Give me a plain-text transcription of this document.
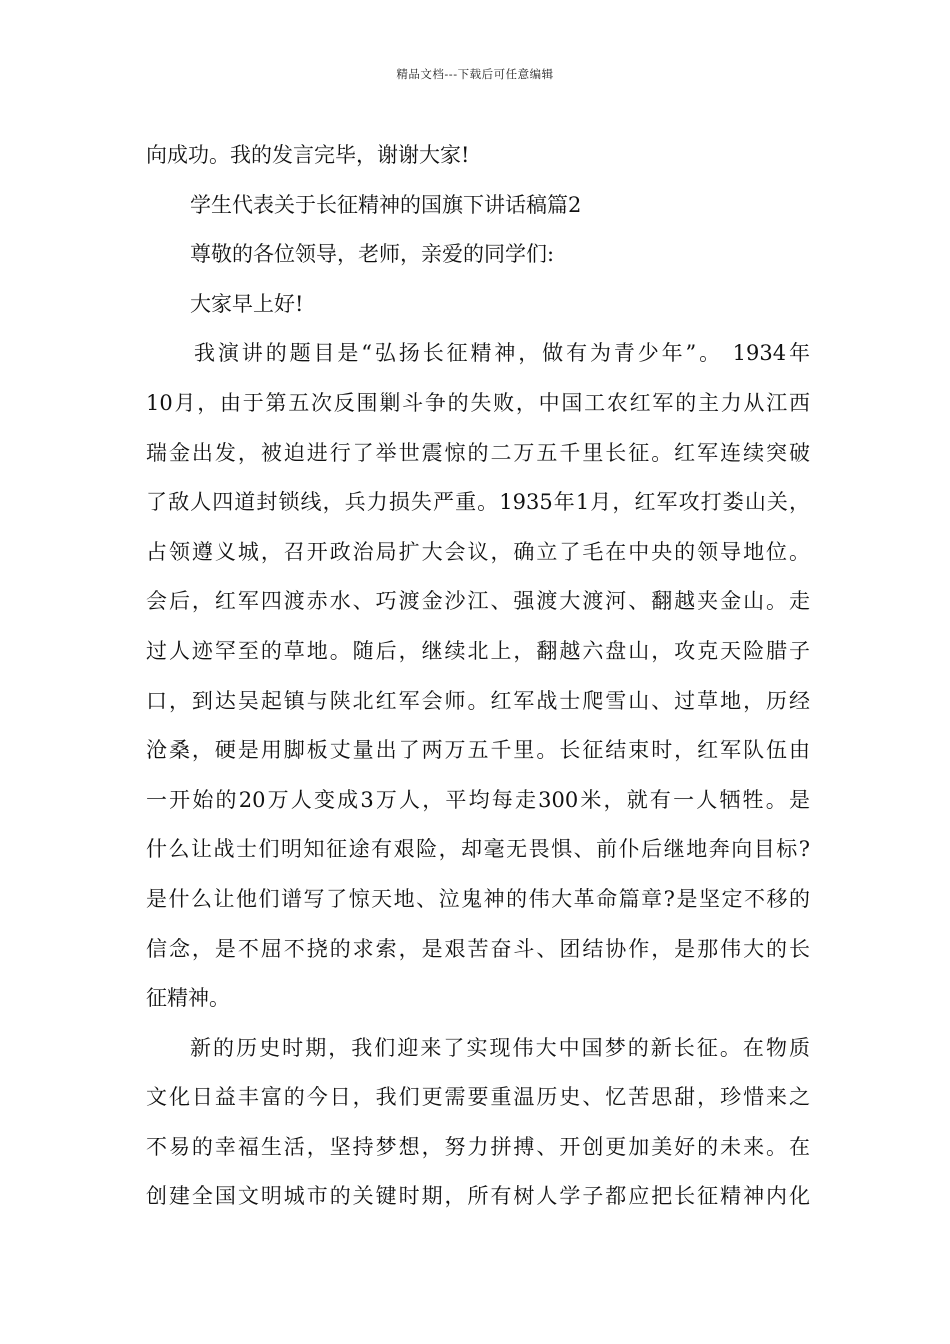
精品文档---下载后可任意编辑
向成功。我的发言完毕，谢谢大家!
学生代表关于长征精神的国旗下讲话稿篇2
尊敬的各位领导，老师，亲爱的同学们:
大家早上好!
我演讲的题目是“弘扬长征精神，做有为青少年”。 1934年
10月，由于第五次反围剿斗争的失败，中国工农红军的主力从江西
瑞金出发，被迫进行了举世震惊的二万五千里长征。红军连续突破
了敌人四道封锁线，兵力损失严重。1935年1月，红军攻打娄山关，
占领遵义城，召开政治局扩大会议，确立了毛在中央的领导地位。
会后，红军四渡赤水、巧渡金沙江、强渡大渡河、翻越夹金山。走
过人迹罕至的草地。随后，继续北上，翻越六盘山，攻克天险腊子
口，到达吴起镇与陕北红军会师。红军战士爬雪山、过草地，历经
沧桑，硬是用脚板丈量出了两万五千里。长征结束时，红军队伍由
一开始的20万人变成3万人，平均每走300米，就有一人牺牲。是
什么让战士们明知征途有艰险，却毫无畏惧、前仆后继地奔向目标?
是什么让他们谱写了惊天地、泣鬼神的伟大革命篇章?是坚定不移的
信念，是不屈不挠的求索，是艰苦奋斗、团结协作，是那伟大的长
征精神。
新的历史时期，我们迎来了实现伟大中国梦的新长征。在物质
文化日益丰富的今日，我们更需要重温历史、忆苦思甜，珍惜来之
不易的幸福生活，坚持梦想，努力拼搏、开创更加美好的未来。在
创建全国文明城市的关键时期，所有树人学子都应把长征精神内化
